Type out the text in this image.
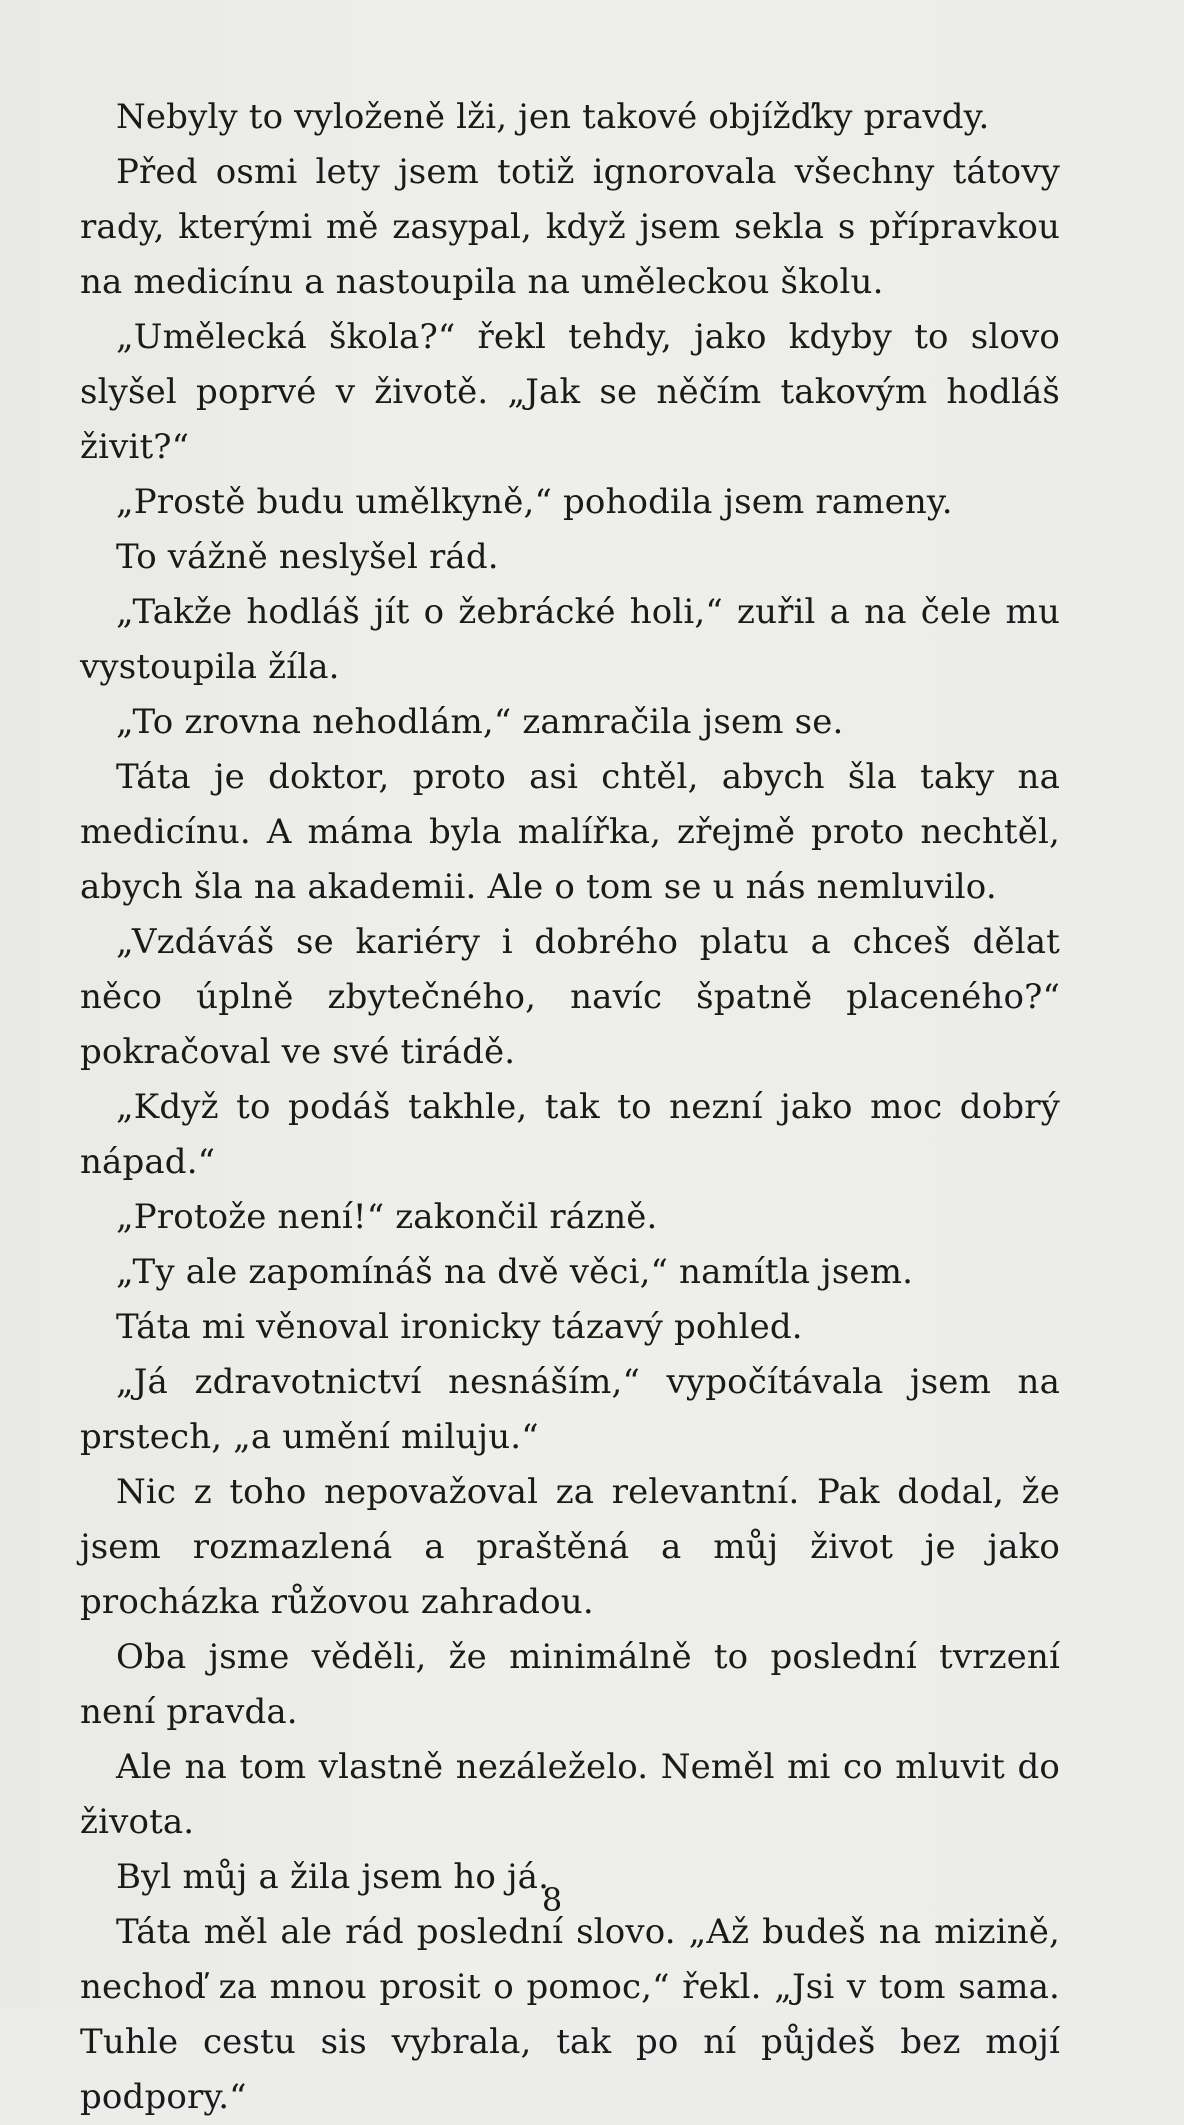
Nebyly to vyloženě lži, jen takové objížďky pravdy.

Před osmi lety jsem totiž ignorovala všechny tátovy rady, kterými mě zasypal, když jsem sekla s přípravkou na medicínu a nastoupila na uměleckou školu.

„Umělecká škola?“ řekl tehdy, jako kdyby to slovo slyšel poprvé v životě. „Jak se něčím takovým hodláš živit?“

„Prostě budu umělkyně,“ pohodila jsem rameny.

To vážně neslyšel rád.

„Takže hodláš jít o žebrácké holi,“ zuřil a na čele mu vystoupila žíla.

„To zrovna nehodlám,“ zamračila jsem se.

Táta je doktor, proto asi chtěl, abych šla taky na medicínu. A máma byla malířka, zřejmě proto nechtěl, abych šla na akademii. Ale o tom se u nás nemluvilo.

„Vzdáváš se kariéry i dobrého platu a chceš dělat něco úplně zbytečného, navíc špatně placeného?“ pokračoval ve své tirádě.

„Když to podáš takhle, tak to nezní jako moc dobrý nápad.“

„Protože není!“ zakončil rázně.

„Ty ale zapomínáš na dvě věci,“ namítla jsem.

Táta mi věnoval ironicky tázavý pohled.

„Já zdravotnictví nesnáším,“ vypočítávala jsem na prstech, „a umění miluju.“

Nic z toho nepovažoval za relevantní. Pak dodal, že jsem rozmazlená a praštěná a můj život je jako procházka růžovou zahradou.

Oba jsme věděli, že minimálně to poslední tvrzení není pravda.

Ale na tom vlastně nezáleželo. Neměl mi co mluvit do života.

Byl můj a žila jsem ho já.

Táta měl ale rád poslední slovo. „Až budeš na mizině, nechoď za mnou prosit o pomoc,“ řekl. „Jsi v tom sama. Tuhle cestu sis vybrala, tak po ní půjdeš bez mojí podpory.“

8
